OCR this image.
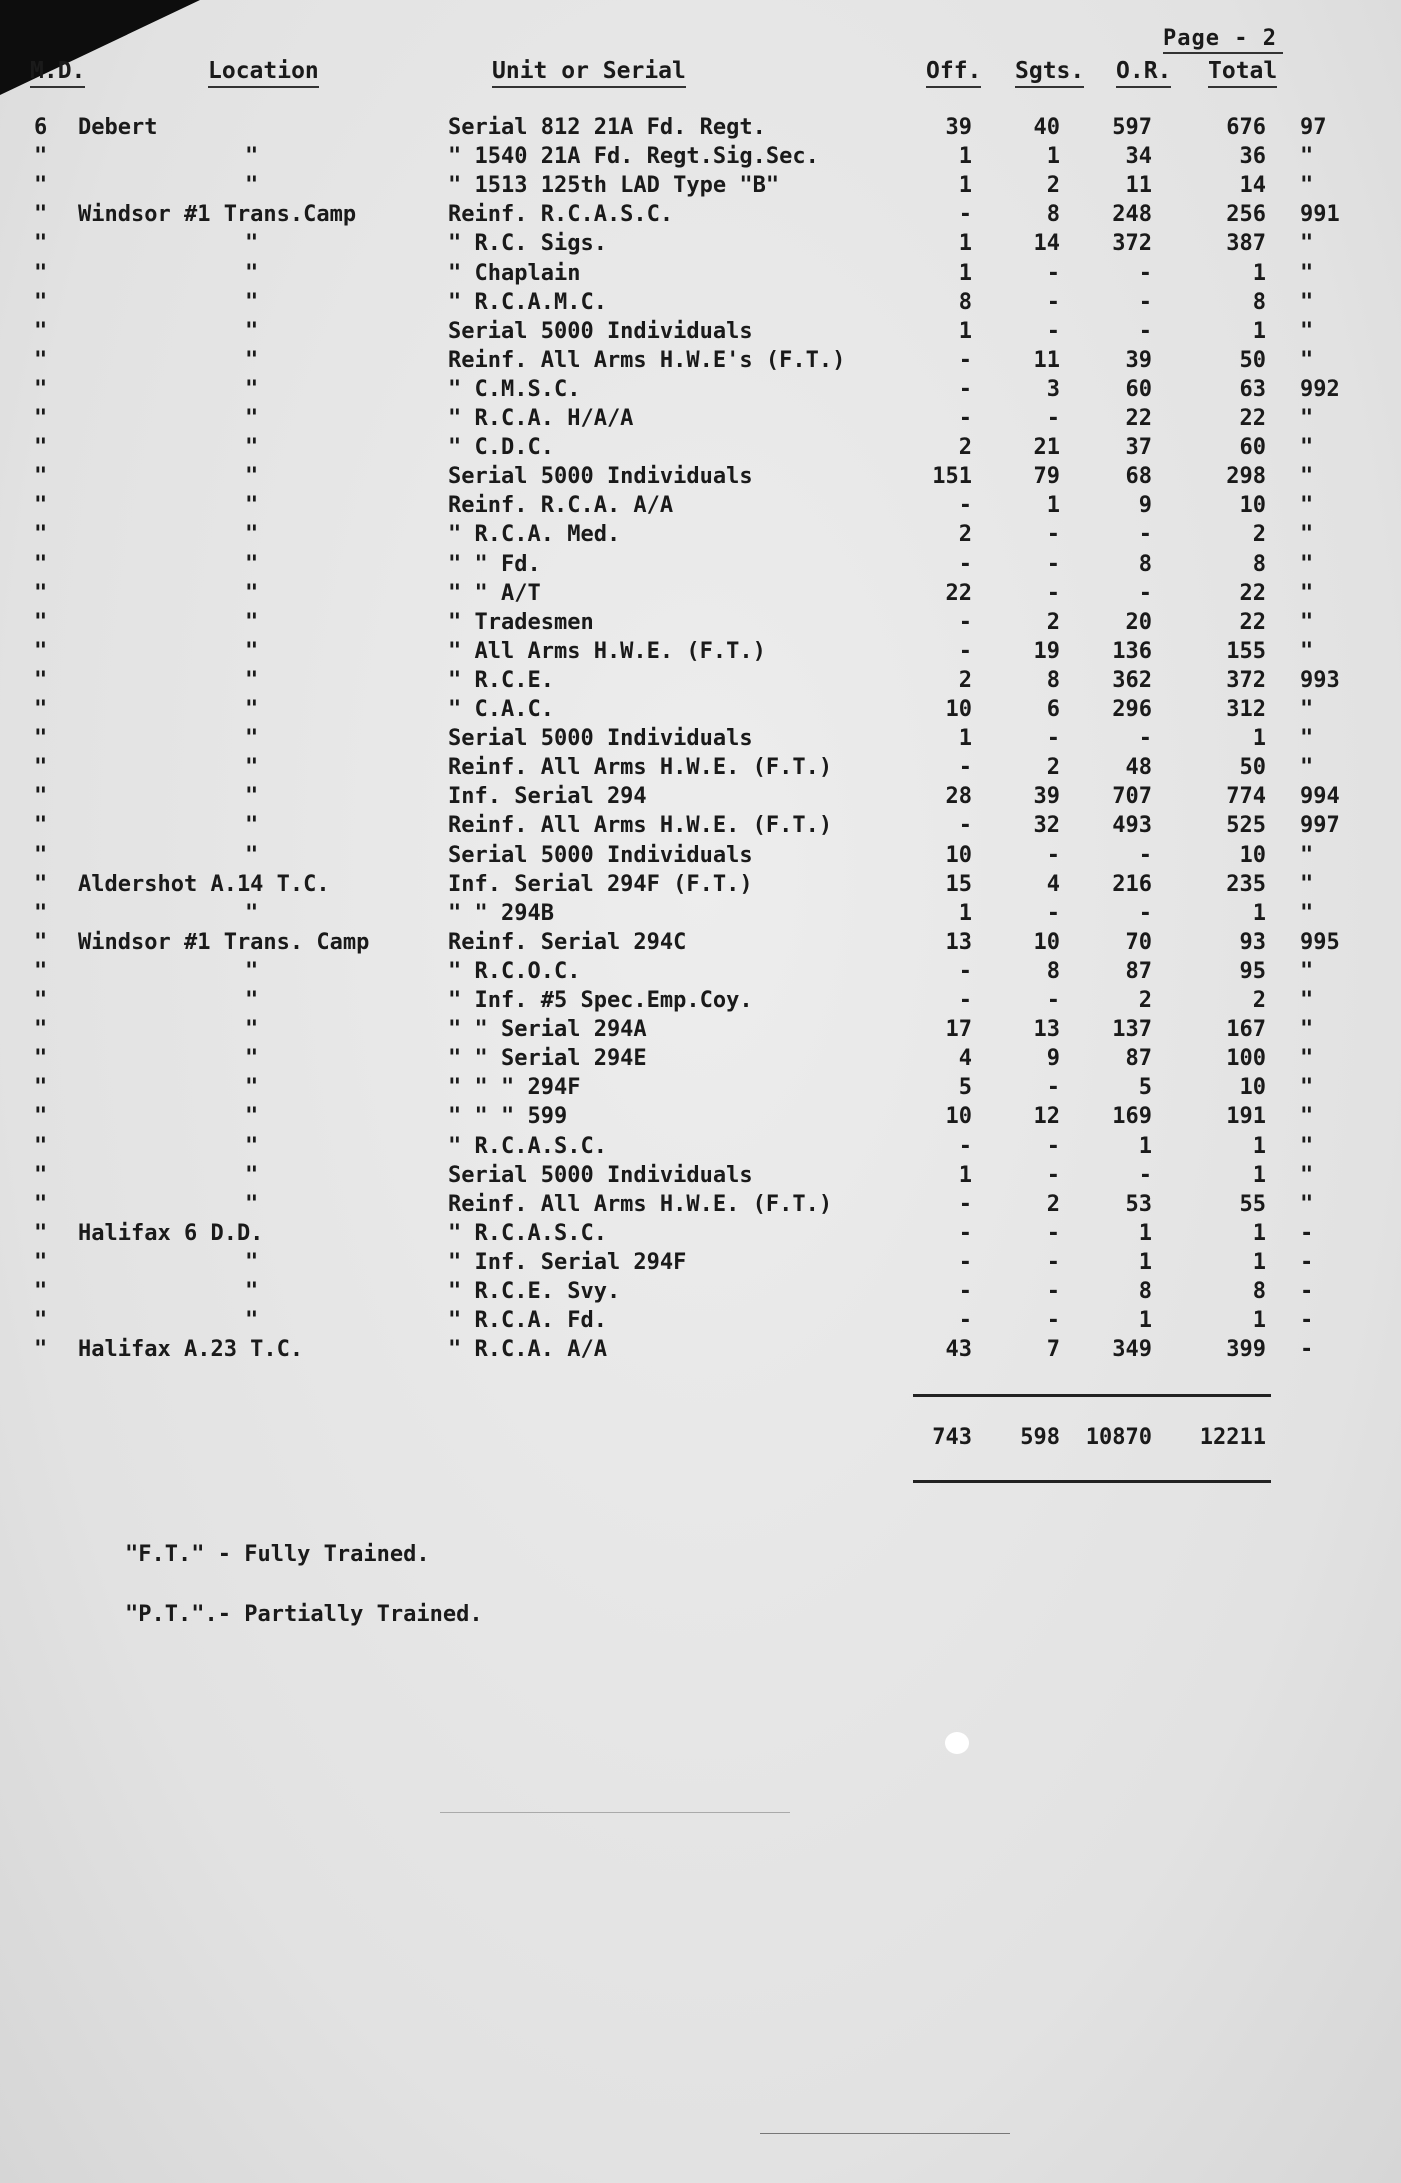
Page - 2
M.D.	Location	Unit or Serial	Off. Sgts. O.R. Total
6 Debert	Serial 812 21A Fd. Regt.	39	40	597	676 97
"	"	" 1540 21A Fd. Regt.Sig.Sec.	1	1	34	36 "
"	"	" 1513 125th LAD Type "B"	1	2	11	14 "
" Windsor #1 Trans.Camp	Reinf. R.C.A.S.C.	-	8	248	256 991
"	"	" R.C. Sigs.	1	14	372	387 "
"	"	" Chaplain	1	-	-	1 "
"	"	" R.C.A.M.C.	8	-	-	8 "
"	"	Serial 5000 Individuals	1	-	-	1 "
"	"	Reinf. All Arms H.W.E's (F.T.)	-	11	39	50 "
"	"	" C.M.S.C.	-	3	60	63 992
"	"	" R.C.A. H/A/A	-	-	22	22 "
"	"	" C.D.C.	2	21	37	60 "
"	"	Serial 5000 Individuals	151	79	68	298 "
"	"	Reinf. R.C.A. A/A	-	1	9	10 "
"	"	" R.C.A. Med.	2	-	-	2 "
"	"	" " Fd.	-	-	8	8 "
"	"	" " A/T	22	-	-	22 "
"	"	" Tradesmen	-	2	20	22 "
"	"	" All Arms H.W.E. (F.T.)	-	19	136	155 "
"	"	" R.C.E.	2	8	362	372 993
"	"	" C.A.C.	10	6	296	312 "
"	"	Serial 5000 Individuals	1	-	-	1 "
"	"	Reinf. All Arms H.W.E. (F.T.)	-	2	48	50 "
"	"	Inf. Serial 294	28	39	707	774 994
"	"	Reinf. All Arms H.W.E. (F.T.)	-	32	493	525 997
"	"	Serial 5000 Individuals	10	-	-	10 "
" Aldershot A.14 T.C.	Inf. Serial 294F (F.T.)	15	4	216	235 "
"	"	" " 294B	1	-	-	1 "
" Windsor #1 Trans. Camp	Reinf. Serial 294C	13	10	70	93 995
"	"	" R.C.O.C.	-	8	87	95 "
"	"	" Inf. #5 Spec.Emp.Coy.	-	-	2	2 "
"	"	" " Serial 294A	17	13	137	167 "
"	"	" " Serial 294E	4	9	87	100 "
"	"	" " " 294F	5	-	5	10 "
"	"	" " " 599	10	12	169	191 "
"	"	" R.C.A.S.C.	-	-	1	1 "
"	"	Serial 5000 Individuals	1	-	-	1 "
"	"	Reinf. All Arms H.W.E. (F.T.)	-	2	53	55 "
" Halifax 6 D.D.	" R.C.A.S.C.	-	-	1	1 -
"	"	" Inf. Serial 294F	-	-	1	1 -
"	"	" R.C.E. Svy.	-	-	8	8 -
"	"	" R.C.A. Fd.	-	-	1	1 -
" Halifax A.23 T.C.	" R.C.A. A/A	43	7	349	399 -
743	598	10870	12211
"F.T." - Fully Trained.
"P.T.".- Partially Trained.
